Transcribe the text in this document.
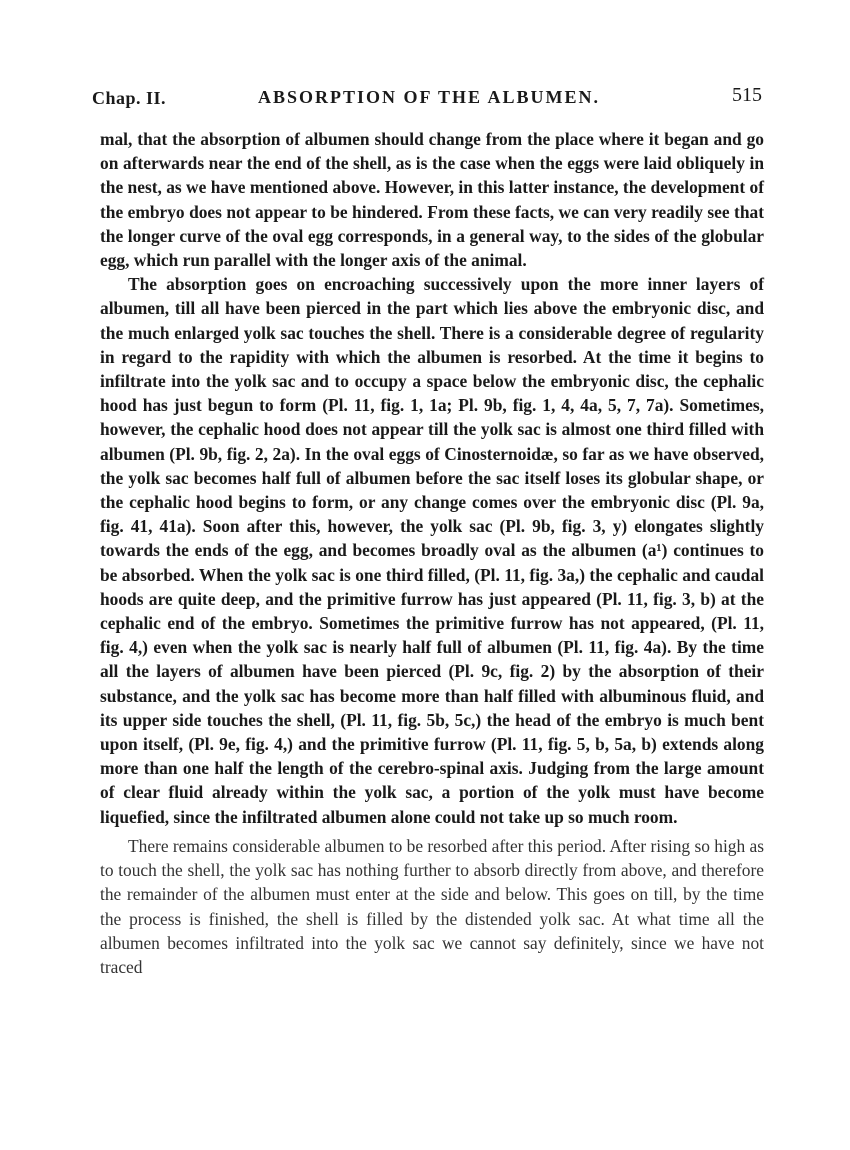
Chap. II.	ABSORPTION OF THE ALBUMEN.	515

mal, that the absorption of albumen should change from the place where it began and go on afterwards near the end of the shell, as is the case when the eggs were laid obliquely in the nest, as we have mentioned above. However, in this latter instance, the development of the embryo does not appear to be hindered. From these facts, we can very readily see that the longer curve of the oval egg corresponds, in a general way, to the sides of the globular egg, which run parallel with the longer axis of the animal.

The absorption goes on encroaching successively upon the more inner layers of albumen, till all have been pierced in the part which lies above the embryonic disc, and the much enlarged yolk sac touches the shell. There is a considerable degree of regularity in regard to the rapidity with which the albumen is resorbed. At the time it begins to infiltrate into the yolk sac and to occupy a space below the embryonic disc, the cephalic hood has just begun to form (Pl. 11, fig. 1, 1a; Pl. 9b, fig. 1, 4, 4a, 5, 7, 7a). Sometimes, however, the cephalic hood does not appear till the yolk sac is almost one third filled with albumen (Pl. 9b, fig. 2, 2a). In the oval eggs of Cinosternoidæ, so far as we have observed, the yolk sac becomes half full of albumen before the sac itself loses its globular shape, or the cephalic hood begins to form, or any change comes over the embryonic disc (Pl. 9a, fig. 41, 41a). Soon after this, however, the yolk sac (Pl. 9b, fig. 3, y) elongates slightly towards the ends of the egg, and becomes broadly oval as the albumen (a¹) continues to be absorbed. When the yolk sac is one third filled, (Pl. 11, fig. 3a,) the cephalic and caudal hoods are quite deep, and the primitive furrow has just appeared (Pl. 11, fig. 3, b) at the cephalic end of the embryo. Sometimes the primitive furrow has not appeared, (Pl. 11, fig. 4,) even when the yolk sac is nearly half full of albumen (Pl. 11, fig. 4a). By the time all the layers of albumen have been pierced (Pl. 9c, fig. 2) by the absorption of their substance, and the yolk sac has become more than half filled with albuminous fluid, and its upper side touches the shell, (Pl. 11, fig. 5b, 5c,) the head of the embryo is much bent upon itself, (Pl. 9e, fig. 4,) and the primitive furrow (Pl. 11, fig. 5, b, 5a, b) extends along more than one half the length of the cerebro-spinal axis. Judging from the large amount of clear fluid already within the yolk sac, a portion of the yolk must have become liquefied, since the infiltrated albumen alone could not take up so much room.

There remains considerable albumen to be resorbed after this period. After rising so high as to touch the shell, the yolk sac has nothing further to absorb directly from above, and therefore the remainder of the albumen must enter at the side and below. This goes on till, by the time the process is finished, the shell is filled by the distended yolk sac. At what time all the albumen becomes infiltrated into the yolk sac we cannot say definitely, since we have not traced
